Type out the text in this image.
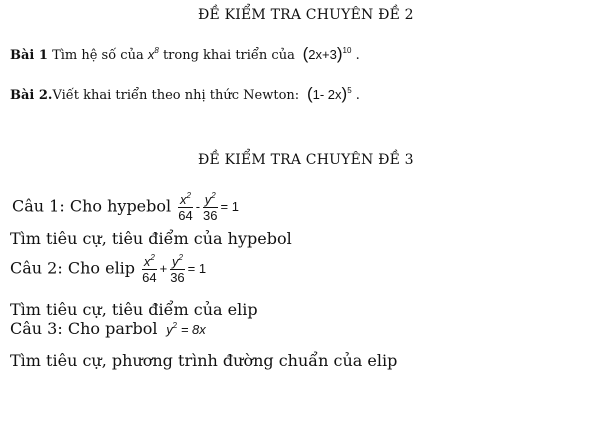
ĐỀ KIỂM TRA CHUYÊN ĐỀ 2
Bài 1 Tìm hệ số của $x^8$ trong khai triển của $(2x+3)^{10}$ .
Bài 2.Viết khai triển theo nhị thức Newton: (1- 2x)$^5$ .
ĐỀ KIỂM TRA CHUYÊN ĐỀ 3
Câu 1: Cho hypebol $\frac{x^2}{64} - \frac{y^2}{36} = 1$
Tìm tiêu cự, tiêu điểm của hypebol
Câu 2: Cho elip $\frac{x^2}{64} + \frac{y^2}{36} = 1$
Tìm tiêu cự, tiêu điểm của elip
Câu 3: Cho parbol $y^2 = 8x$
Tìm tiêu cự, phương trình đường chuẩn của elip
